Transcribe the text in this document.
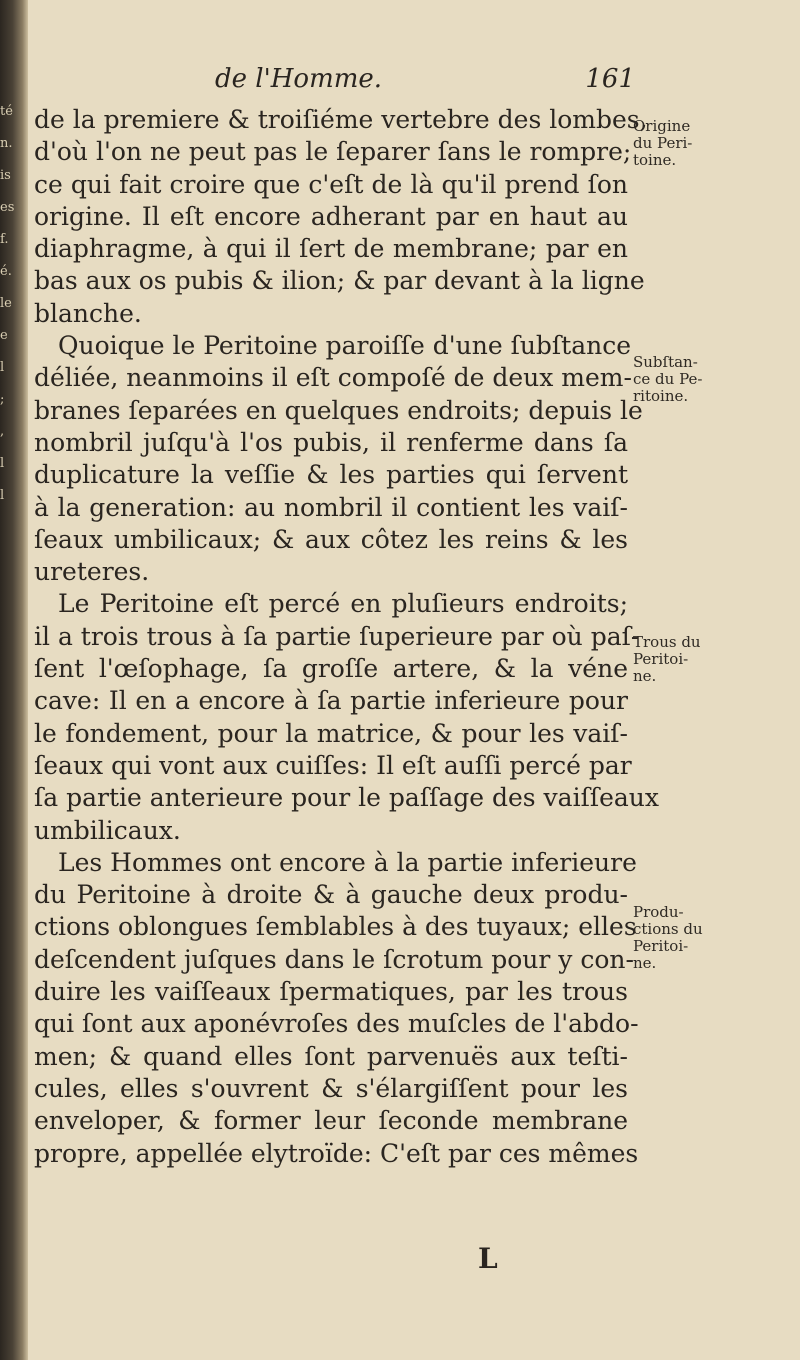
té
n.
is
es
f.
é.
le
e
l
;
,
l
l
de l'Homme.	161

de la premiere & troiſiéme vertebre des lombes,
d'où l'on ne peut pas le ſeparer ſans le rompre;
ce qui fait croire que c'eſt de là qu'il prend ſon
origine. Il eſt encore adherant par en haut au
diaphragme, à qui il ſert de membrane; par en
bas aux os pubis & ilion; & par devant à la ligne
blanche.

Quoique le Peritoine paroiſſe d'une ſubſtance
déliée, neanmoins il eſt compoſé de deux mem-
branes ſeparées en quelques endroits; depuis le
nombril juſqu'à l'os pubis, il renferme dans ſa
duplicature la veſſie & les parties qui ſervent
à la generation: au nombril il contient les vaiſ-
ſeaux umbilicaux; & aux côtez les reins & les
ureteres.

Le Peritoine eſt percé en pluſieurs endroits;
il a trois trous à ſa partie ſuperieure par où paſ-
ſent l'œſophage, ſa groſſe artere, & la véne
cave: Il en a encore à ſa partie inferieure pour
le fondement, pour la matrice, & pour les vaiſ-
ſeaux qui vont aux cuiſſes: Il eſt auſſi percé par
ſa partie anterieure pour le paſſage des vaiſſeaux
umbilicaux.

Les Hommes ont encore à la partie inferieure
du Peritoine à droite & à gauche deux produ-
ctions oblongues ſemblables à des tuyaux; elles
deſcendent juſques dans le ſcrotum pour y con-
duire les vaiſſeaux ſpermatiques, par les trous
qui ſont aux aponévroſes des muſcles de l'abdo-
men; & quand elles ſont parvenuës aux teſti-
cules, elles s'ouvrent & s'élargiſſent pour les
enveloper, & former leur ſeconde membrane
propre, appellée elytroïde: C'eſt par ces mêmes

Origine
du Peri-
toine.
Subſtan-
ce du Pe-
ritoine.
Trous du
Peritoi-
ne.
Produ-
ctions du
Peritoi-
ne.
L
